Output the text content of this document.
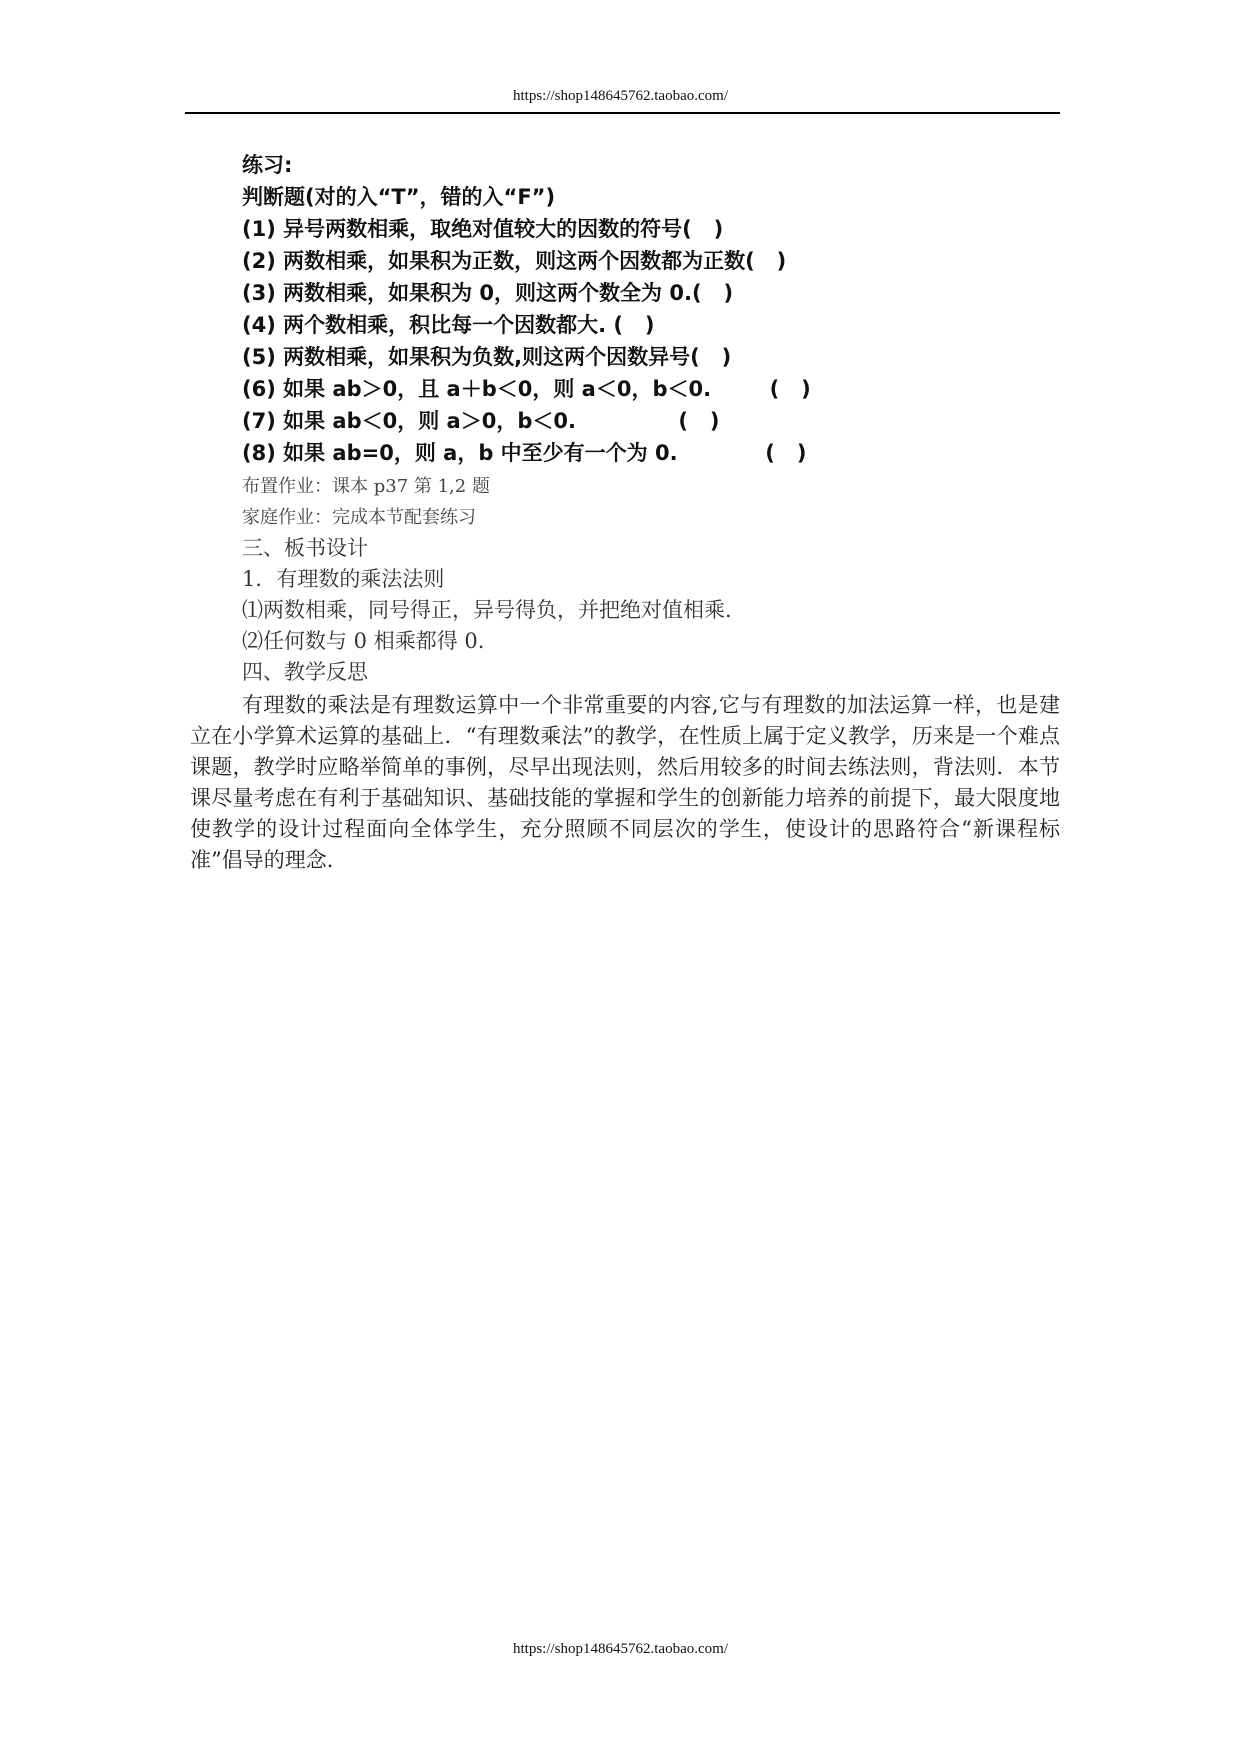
https://shop148645762.taobao.com/
练习:
判断题(对的入“T”，错的入“F”)
(1) 异号两数相乘，取绝对值较大的因数的符号(   )
(2) 两数相乘，如果积为正数，则这两个因数都为正数(   )
(3) 两数相乘，如果积为 0，则这两个数全为 0.(   )
(4) 两个数相乘，积比每一个因数都大. (   )
(5) 两数相乘，如果积为负数,则这两个因数异号(   )
(6) 如果 ab＞0，且 a＋b＜0，则 a＜0，b＜0.        (   )
(7) 如果 ab＜0，则 a＞0，b＜0.              (   )
(8) 如果 ab=0，则 a，b 中至少有一个为 0.            (   )
布置作业：课本 p37 第 1,2 题
家庭作业：完成本节配套练习
三、板书设计
1．有理数的乘法法则
⑴两数相乘，同号得正，异号得负，并把绝对值相乘.
⑵任何数与 0 相乘都得 0.
四、教学反思
有理数的乘法是有理数运算中一个非常重要的内容,它与有理数的加法运算一样，也是建立在小学算术运算的基础上．“有理数乘法”的教学，在性质上属于定义教学，历来是一个难点课题，教学时应略举简单的事例，尽早出现法则，然后用较多的时间去练法则，背法则．本节课尽量考虑在有利于基础知识、基础技能的掌握和学生的创新能力培养的前提下，最大限度地使教学的设计过程面向全体学生，充分照顾不同层次的学生，使设计的思路符合“新课程标准”倡导的理念.
https://shop148645762.taobao.com/
